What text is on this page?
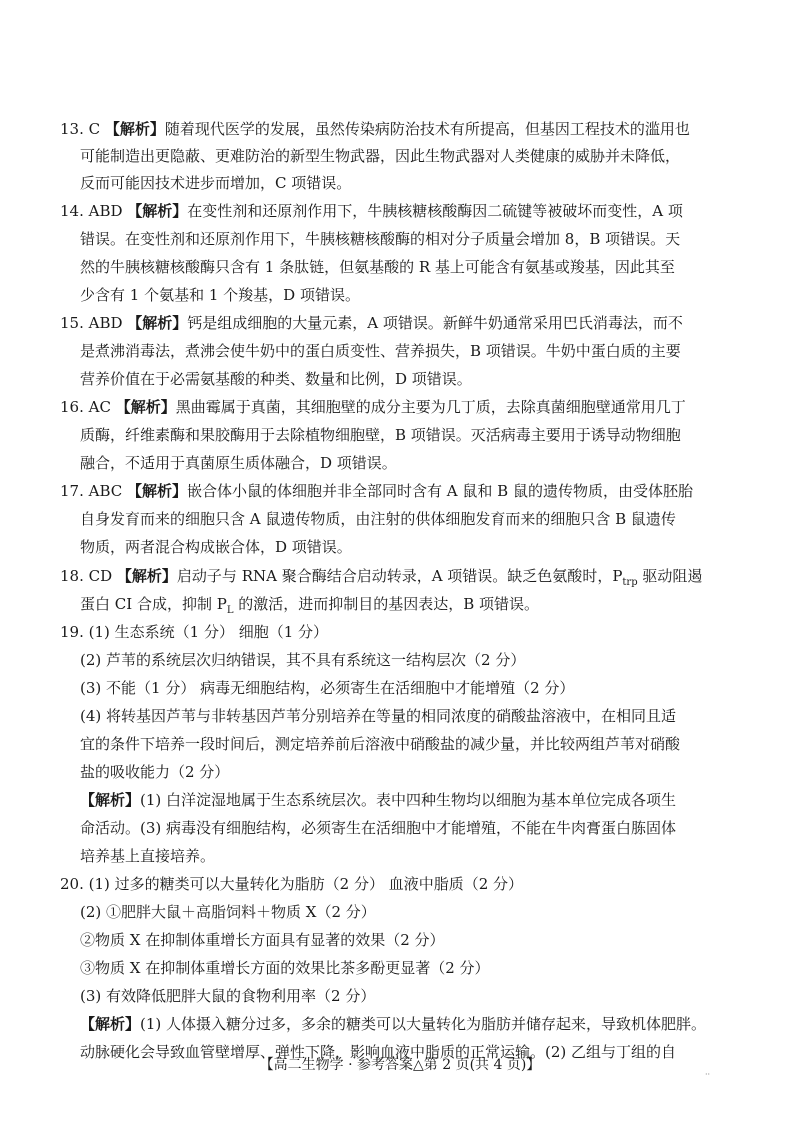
13. C 【解析】随着现代医学的发展，虽然传染病防治技术有所提高，但基因工程技术的滥用也
可能制造出更隐蔽、更难防治的新型生物武器，因此生物武器对人类健康的威胁并未降低，
反而可能因技术进步而增加，C 项错误。
14. ABD 【解析】在变性剂和还原剂作用下，牛胰核糖核酸酶因二硫键等被破坏而变性，A 项
错误。在变性剂和还原剂作用下，牛胰核糖核酸酶的相对分子质量会增加 8，B 项错误。天
然的牛胰核糖核酸酶只含有 1 条肽链，但氨基酸的 R 基上可能含有氨基或羧基，因此其至
少含有 1 个氨基和 1 个羧基，D 项错误。
15. ABD 【解析】钙是组成细胞的大量元素，A 项错误。新鲜牛奶通常采用巴氏消毒法，而不
是煮沸消毒法，煮沸会使牛奶中的蛋白质变性、营养损失，B 项错误。牛奶中蛋白质的主要
营养价值在于必需氨基酸的种类、数量和比例，D 项错误。
16. AC 【解析】黑曲霉属于真菌，其细胞壁的成分主要为几丁质，去除真菌细胞壁通常用几丁
质酶，纤维素酶和果胶酶用于去除植物细胞壁，B 项错误。灭活病毒主要用于诱导动物细胞
融合，不适用于真菌原生质体融合，D 项错误。
17. ABC 【解析】嵌合体小鼠的体细胞并非全部同时含有 A 鼠和 B 鼠的遗传物质，由受体胚胎
自身发育而来的细胞只含 A 鼠遗传物质，由注射的供体细胞发育而来的细胞只含 B 鼠遗传
物质，两者混合构成嵌合体，D 项错误。
18. CD 【解析】启动子与 RNA 聚合酶结合启动转录，A 项错误。缺乏色氨酸时，$P_{trp}$ 驱动阻遏
蛋白 CI 合成，抑制 $P_L$ 的激活，进而抑制目的基因表达，B 项错误。
19. (1) 生态系统（1 分） 细胞（1 分）
(2) 芦苇的系统层次归纳错误，其不具有系统这一结构层次（2 分）
(3) 不能（1 分） 病毒无细胞结构，必须寄生在活细胞中才能增殖（2 分）
(4) 将转基因芦苇与非转基因芦苇分别培养在等量的相同浓度的硝酸盐溶液中，在相同且适
宜的条件下培养一段时间后，测定培养前后溶液中硝酸盐的减少量，并比较两组芦苇对硝酸
盐的吸收能力（2 分）
【解析】(1) 白洋淀湿地属于生态系统层次。表中四种生物均以细胞为基本单位完成各项生
命活动。(3) 病毒没有细胞结构，必须寄生在活细胞中才能增殖，不能在牛肉膏蛋白胨固体
培养基上直接培养。
20. (1) 过多的糖类可以大量转化为脂肪（2 分） 血液中脂质（2 分）
(2) ①肥胖大鼠＋高脂饲料＋物质 X（2 分）
②物质 X 在抑制体重增长方面具有显著的效果（2 分）
③物质 X 在抑制体重增长方面的效果比茶多酚更显著（2 分）
(3) 有效降低肥胖大鼠的食物利用率（2 分）
【解析】(1) 人体摄入糖分过多，多余的糖类可以大量转化为脂肪并储存起来，导致机体肥胖。
动脉硬化会导致血管壁增厚、弹性下降，影响血液中脂质的正常运输。(2) 乙组与丁组的自
【高二生物学 · 参考答案△第 2 页(共 4 页)】
··
